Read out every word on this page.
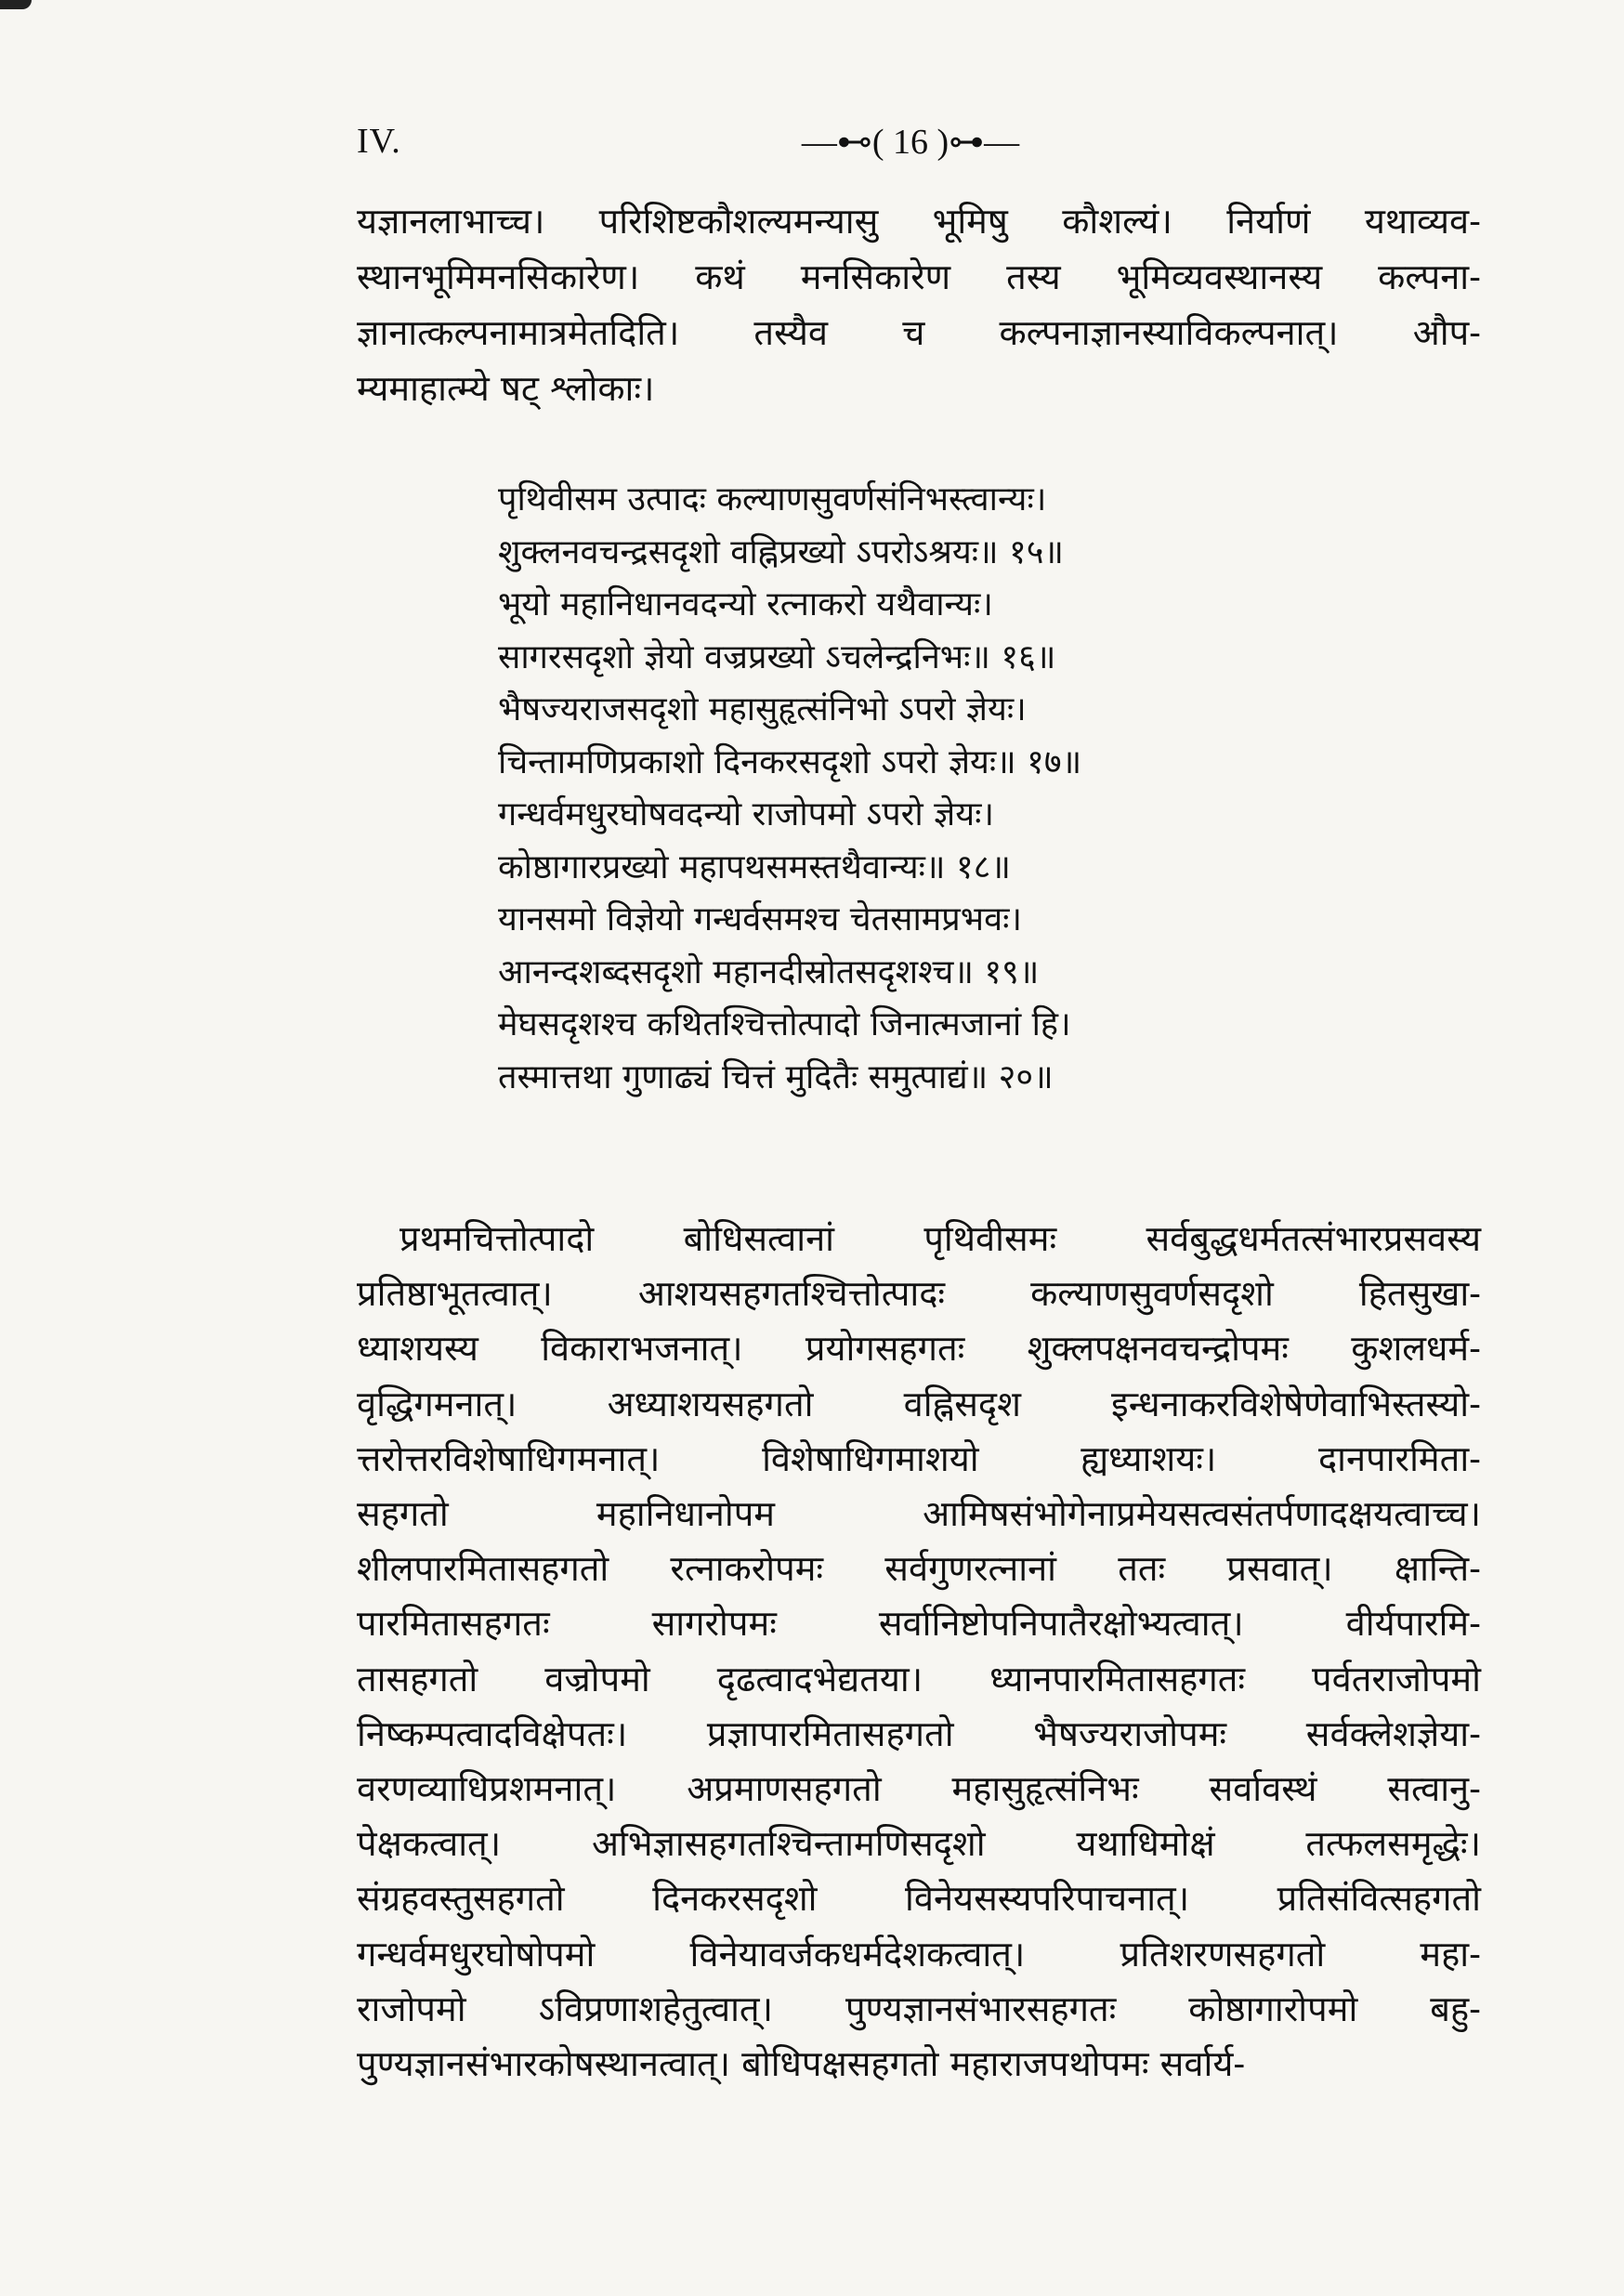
IV.	—⊷( 16 )⊶—
यज्ञानलाभाच्च। परिशिष्टकौशल्यमन्यासु भूमिषु कौशल्यं। निर्याणं यथाव्यव-
स्थानभूमिमनसिकारेण। कथं मनसिकारेण तस्य भूमिव्यवस्थानस्य कल्पना-
ज्ञानात्कल्पनामात्रमेतदिति। तस्यैव च कल्पनाज्ञानस्याविकल्पनात्। औप-
म्यमाहात्म्ये षट् श्लोकाः।
पृथिवीसम उत्पादः कल्याणसुवर्णसंनिभस्त्वान्यः।
शुक्लनवचन्द्रसदृशो वह्निप्रख्यो ऽपरोऽश्रयः॥ १५॥
भूयो महानिधानवदन्यो रत्नाकरो यथैवान्यः।
सागरसदृशो ज्ञेयो वज्रप्रख्यो ऽचलेन्द्रनिभः॥ १६॥
भैषज्यराजसदृशो महासुहृत्संनिभो ऽपरो ज्ञेयः।
चिन्तामणिप्रकाशो दिनकरसदृशो ऽपरो ज्ञेयः॥ १७॥
गन्धर्वमधुरघोषवदन्यो राजोपमो ऽपरो ज्ञेयः।
कोष्ठागारप्रख्यो महापथसमस्तथैवान्यः॥ १८॥
यानसमो विज्ञेयो गन्धर्वसमश्च चेतसामप्रभवः।
आनन्दशब्दसदृशो महानदीस्रोतसदृशश्च॥ १९॥
मेघसदृशश्च कथितश्चित्तोत्पादो जिनात्मजानां हि।
तस्मात्तथा गुणाढ्यं चित्तं मुदितैः समुत्पाद्यं॥ २०॥
प्रथमचित्तोत्पादो बोधिसत्वानां पृथिवीसमः सर्वबुद्धधर्मतत्संभारप्रसवस्य
प्रतिष्ठाभूतत्वात्। आशयसहगतश्चित्तोत्पादः कल्याणसुवर्णसदृशो हितसुखा-
ध्याशयस्य विकाराभजनात्। प्रयोगसहगतः शुक्लपक्षनवचन्द्रोपमः कुशलधर्म-
वृद्धिगमनात्। अध्याशयसहगतो वह्निसदृश इन्धनाकरविशेषेणेवाभिस्तस्यो-
त्तरोत्तरविशेषाधिगमनात्। विशेषाधिगमाशयो ह्यध्याशयः। दानपारमिता-
सहगतो महानिधानोपम आमिषसंभोगेनाप्रमेयसत्वसंतर्पणादक्षयत्वाच्च।
शीलपारमितासहगतो रत्नाकरोपमः सर्वगुणरत्नानां ततः प्रसवात्। क्षान्ति-
पारमितासहगतः सागरोपमः सर्वानिष्टोपनिपातैरक्षोभ्यत्वात्। वीर्यपारमि-
तासहगतो वज्रोपमो दृढत्वादभेद्यतया। ध्यानपारमितासहगतः पर्वतराजोपमो
निष्कम्पत्वादविक्षेपतः। प्रज्ञापारमितासहगतो भैषज्यराजोपमः सर्वक्लेशज्ञेया-
वरणव्याधिप्रशमनात्। अप्रमाणसहगतो महासुहृत्संनिभः सर्वावस्थं सत्वानु-
पेक्षकत्वात्। अभिज्ञासहगतश्चिन्तामणिसदृशो यथाधिमोक्षं तत्फलसमृद्धेः।
संग्रहवस्तुसहगतो दिनकरसदृशो विनेयसस्यपरिपाचनात्। प्रतिसंवित्सहगतो
गन्धर्वमधुरघोषोपमो विनेयावर्जकधर्मदेशकत्वात्। प्रतिशरणसहगतो महा-
राजोपमो ऽविप्रणाशहेतुत्वात्। पुण्यज्ञानसंभारसहगतः कोष्ठागारोपमो बहु-
पुण्यज्ञानसंभारकोषस्थानत्वात्। बोधिपक्षसहगतो महाराजपथोपमः सर्वार्य-
